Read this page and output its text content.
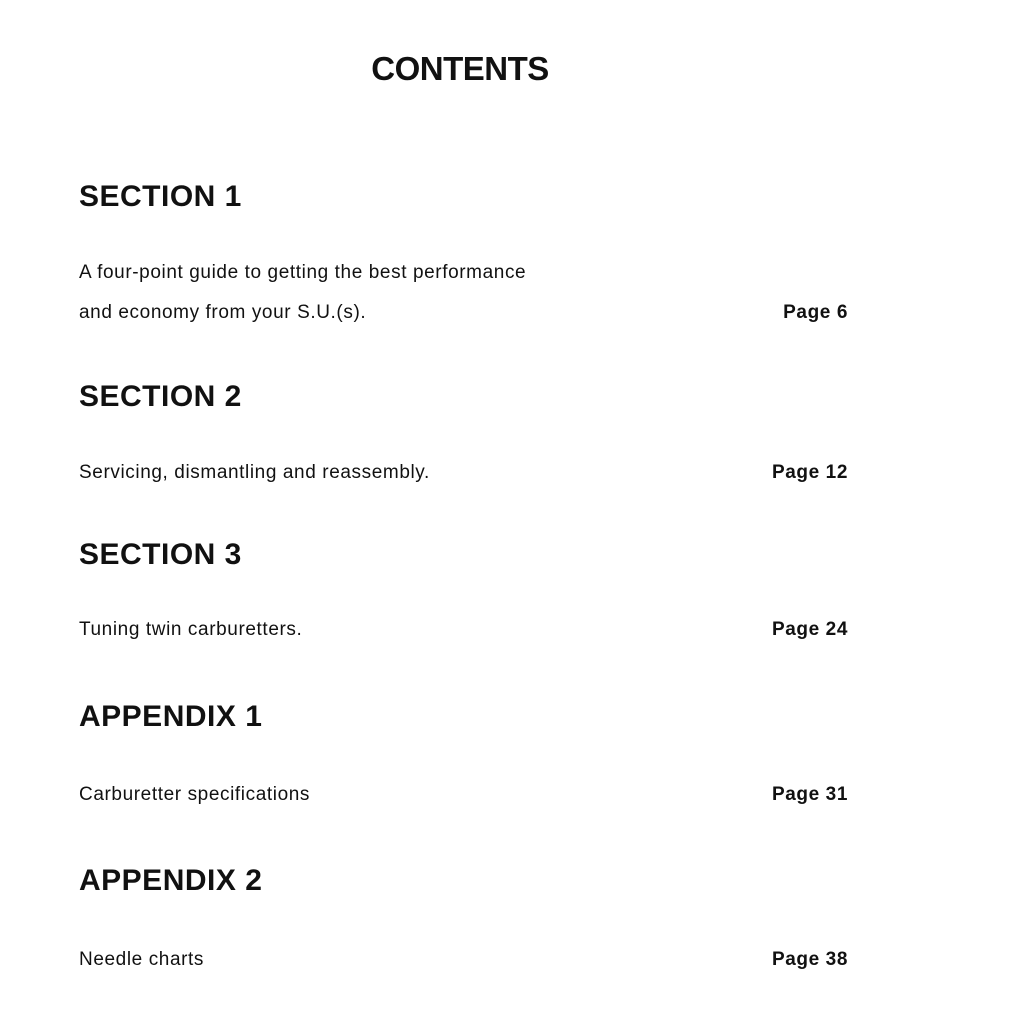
CONTENTS
SECTION 1

A four-point guide to getting the best performance

and economy from your S.U.(s).	Page 6

SECTION 2

Servicing, dismantling and reassembly.	Page 12

SECTION 3

Tuning twin carburetters.	Page 24

APPENDIX 1

Carburetter specifications	Page 31

APPENDIX 2

Needle charts	Page 38
